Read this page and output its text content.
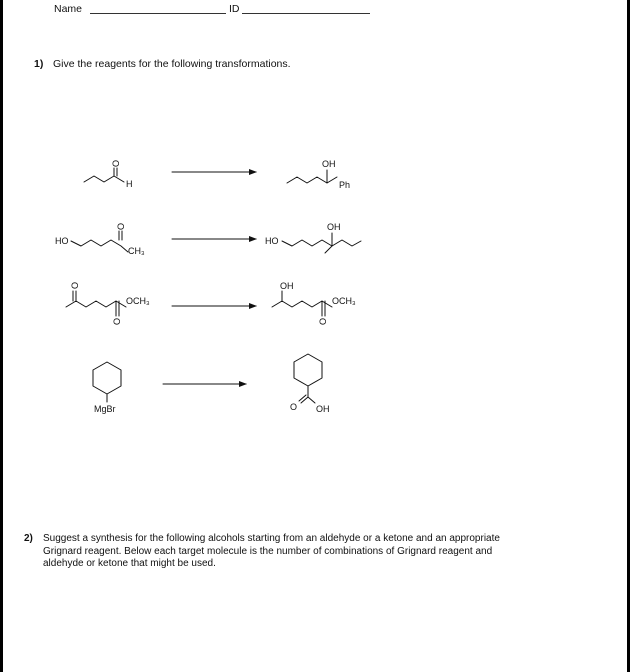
Name	ID
1) Give the reagents for the following transformations.
O
H
OH
Ph
HO
O
CH₃
HO
OH
O
O
OCH₃
OH
O
OCH₃
MgBr	O OH
2) Suggest a synthesis for the following alcohols starting from an aldehyde or a ketone and an appropriate
Grignard reagent. Below each target molecule is the number of combinations of Grignard reagent and
aldehyde or ketone that might be used.
